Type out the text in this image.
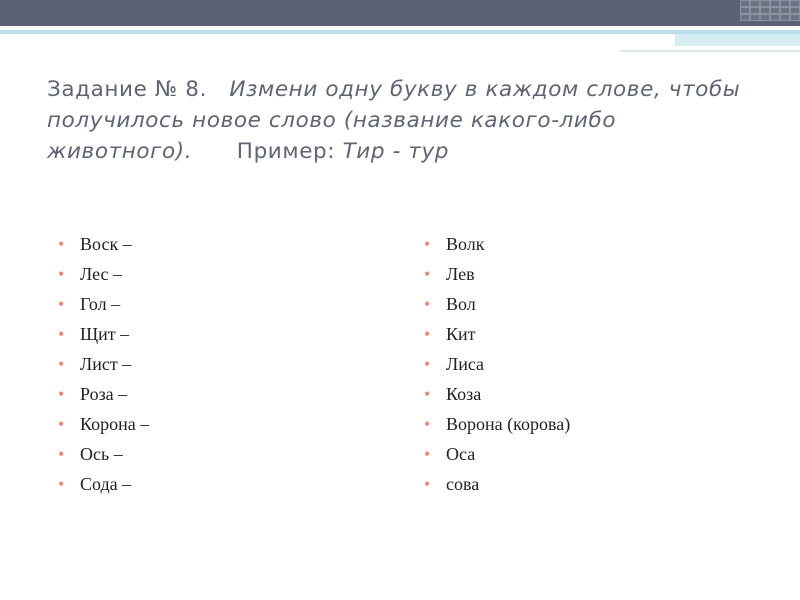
Задание № 8. Измени одну букву в каждом слове, чтобы получилось новое слово (название какого-либо животного). Пример: Тир - тур

• Воск –
• Лес –
• Гол –
• Щит –
• Лист –
• Роза –
• Корона –
• Ось –
• Сода –
• Волк
• Лев
• Вол
• Кит
• Лиса
• Коза
• Ворона (корова)
• Оса
• сова
